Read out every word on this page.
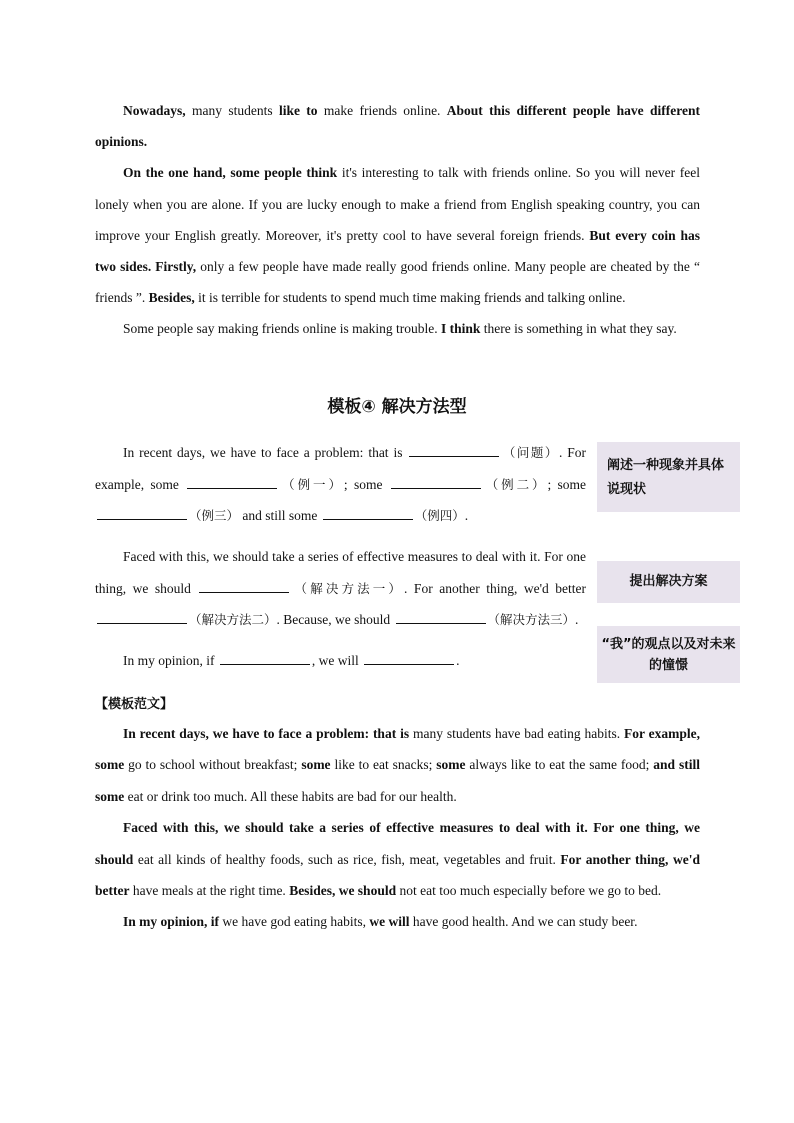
Nowadays, many students like to make friends online. About this different people have different opinions.

On the one hand, some people think it's interesting to talk with friends online. So you will never feel lonely when you are alone. If you are lucky enough to make a friend from English speaking country, you can improve your English greatly. Moreover, it's pretty cool to have several foreign friends. But every coin has two sides. Firstly, only a few people have made really good friends online. Many people are cheated by the “ friends ”. Besides, it is terrible for students to spend much time making friends and talking online.

Some people say making friends online is making trouble. I think there is something in what they say.

模板④ 解决方法型

In recent days, we have to face a problem: that is	（问题）. For example, some	（例一）; some	（例二）; some （例三） and still some	（例四）.

Faced with this, we should take a series of effective measures to deal with it. For one thing, we should	（解决方法一）. For another thing, we'd better （解决方法二）. Because, we should	（解决方法三）.

In my opinion, if	, we will	.

阐述一种现象并具体说现状
提出解决方案
“我”的观点以及对未来的憧憬
【模板范文】

In recent days, we have to face a problem: that is many students have bad eating habits. For example, some go to school without breakfast; some like to eat snacks; some always like to eat the same food; and still some eat or drink too much. All these habits are bad for our health.

Faced with this, we should take a series of effective measures to deal with it. For one thing, we should eat all kinds of healthy foods, such as rice, fish, meat, vegetables and fruit. For another thing, we'd better have meals at the right time. Besides, we should not eat too much especially before we go to bed.

In my opinion, if we have god eating habits, we will have good health. And we can study beer.
